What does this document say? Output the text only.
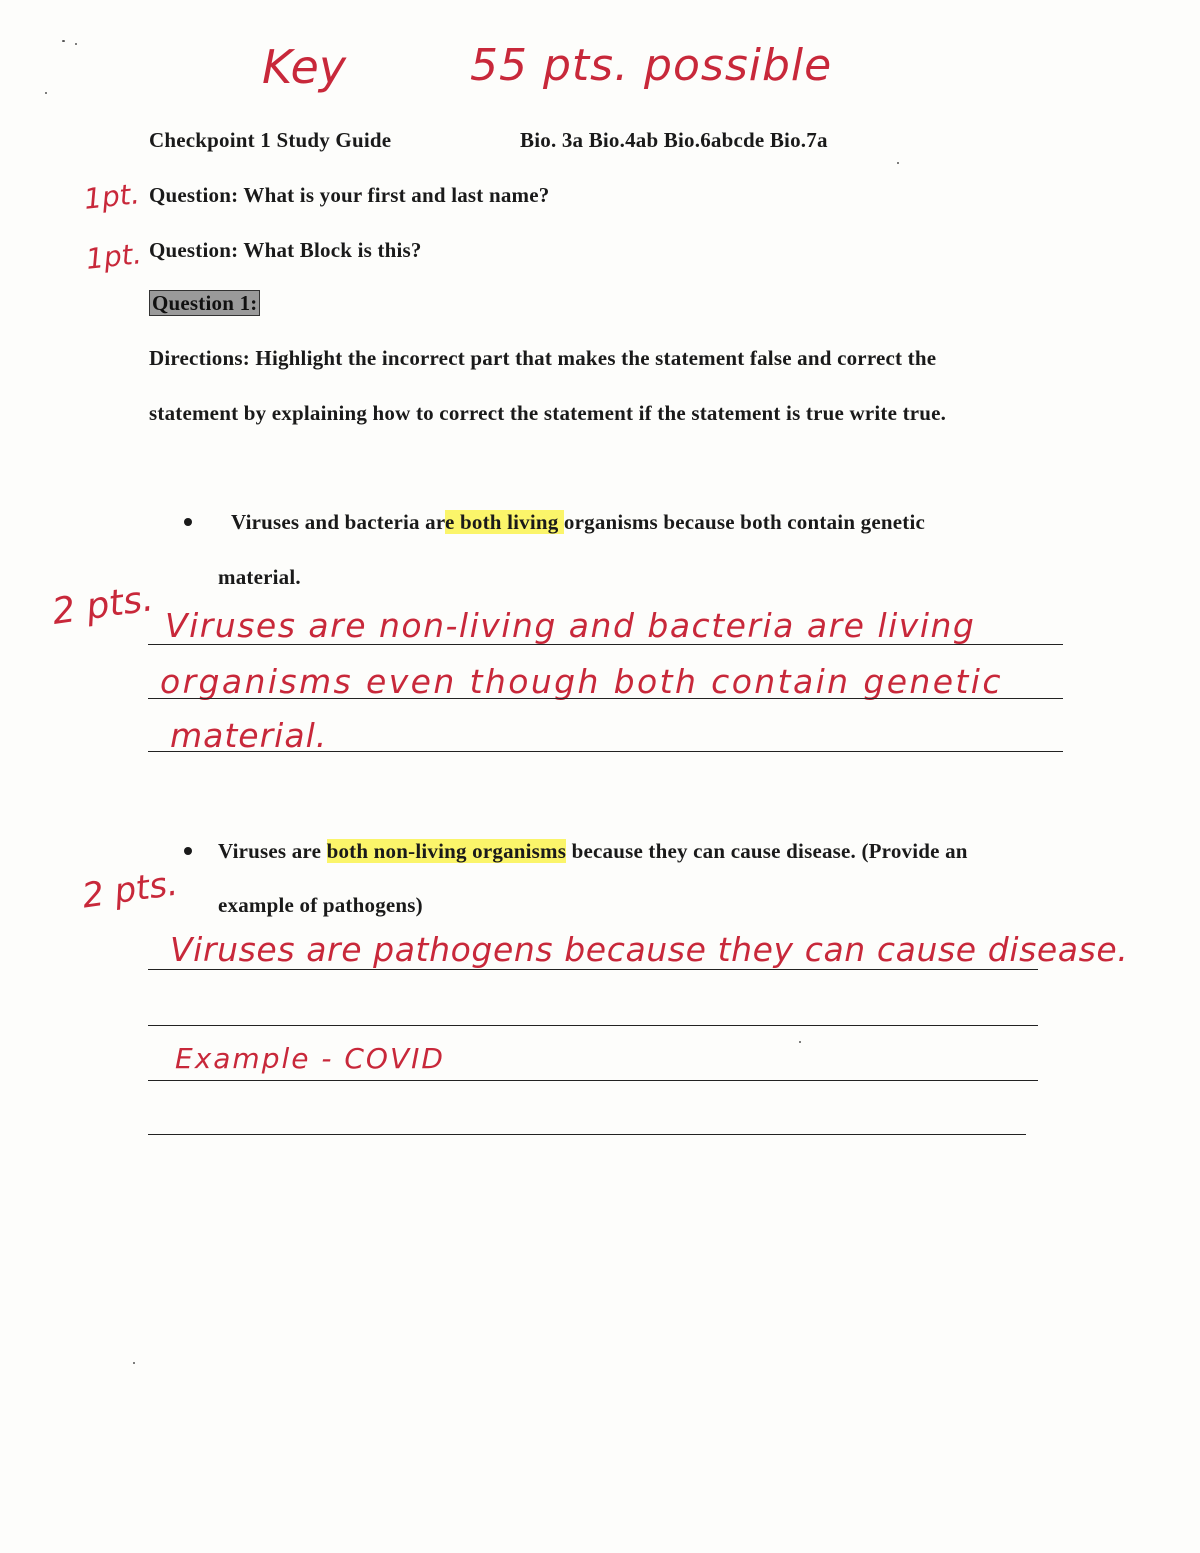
Key	55 pts. possible
Checkpoint 1 Study Guide	Bio. 3a Bio.4ab Bio.6abcde Bio.7a
1pt. Question: What is your first and last name?
1pt. Question: What Block is this?
Question 1:
Directions: Highlight the incorrect part that makes the statement false and correct the
statement by explaining how to correct the statement if the statement is true write true.
Viruses and bacteria are both living organisms because both contain genetic
material.
2 pts. Viruses are non-living and bacteria are living
organisms even though both contain genetic
material.
Viruses are both non-living organisms because they can cause disease. (Provide an
example of pathogens)
2 pts.
Viruses are pathogens because they can cause disease.
Example - COVID
